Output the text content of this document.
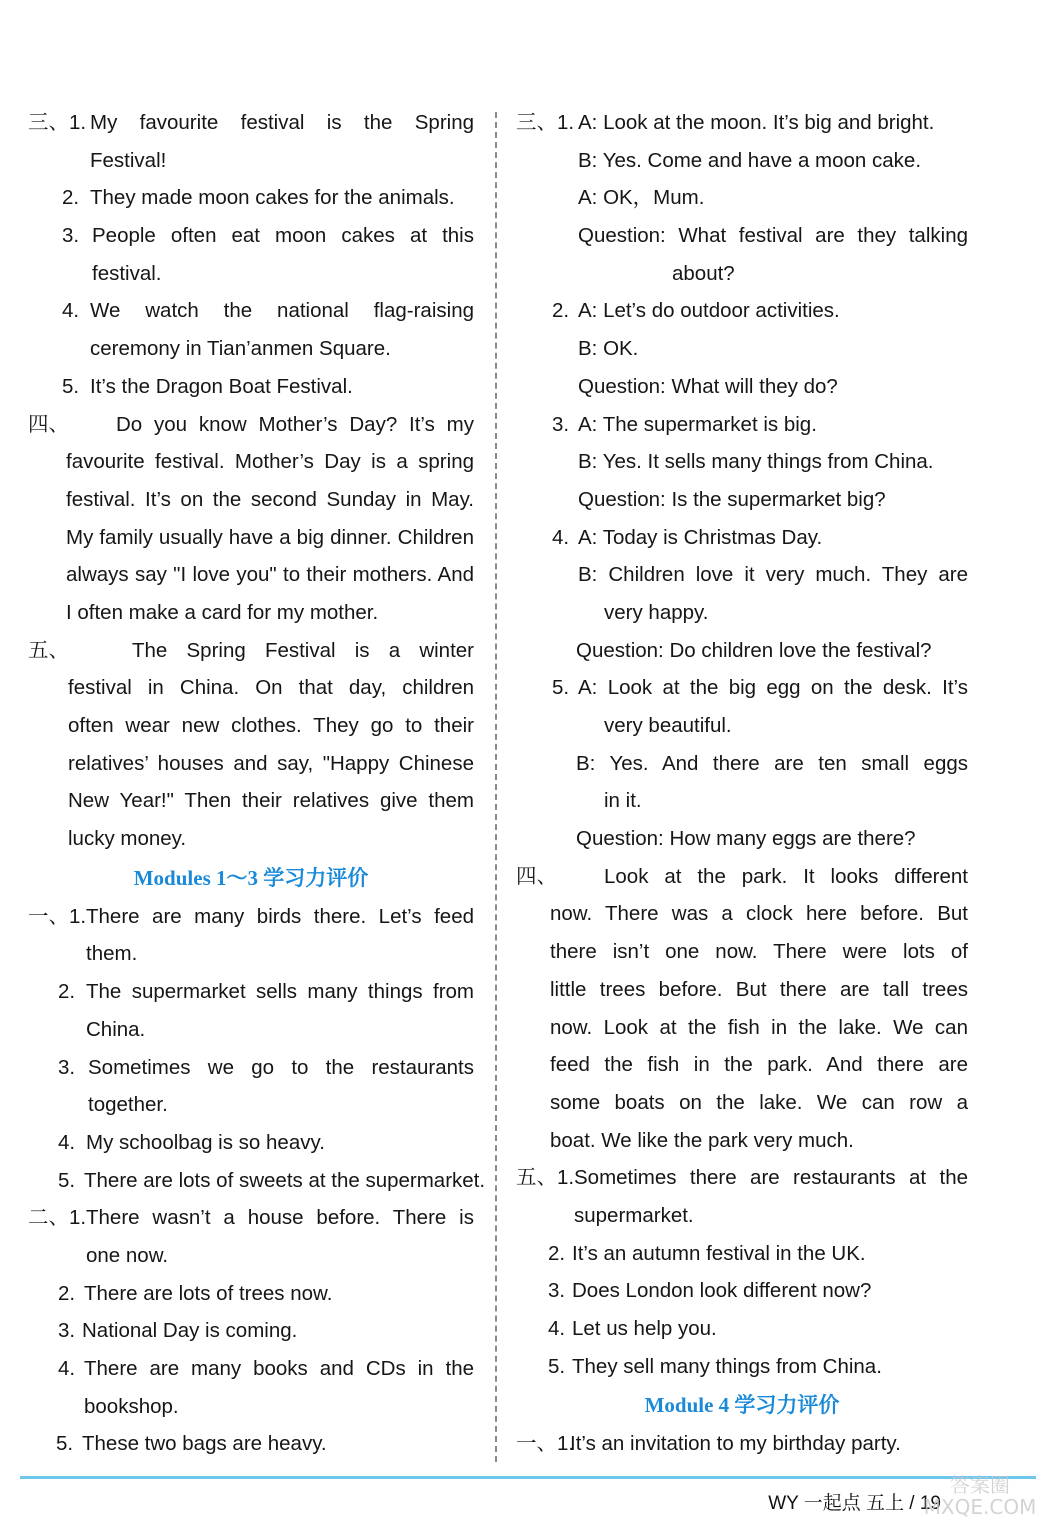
三、1. My favourite festival is the Spring
Festival!
2. They made moon cakes for the animals.
3. People often eat moon cakes at this
festival.
4. We watch the national flag-raising
ceremony in Tian’anmen Square.
5. It’s the Dragon Boat Festival.
四、 Do you know Mother’s Day? It’s my
favourite festival. Mother’s Day is a spring
festival. It’s on the second Sunday in May.
My family usually have a big dinner. Children
always say "I love you" to their mothers. And
I often make a card for my mother.
五、	The Spring Festival is a winter
festival in China. On that day, children
often wear new clothes. They go to their
relatives’ houses and say, "Happy Chinese
New Year!" Then their relatives give them
lucky money.
Modules 1～3 学习力评价
一、1. There are many birds there. Let’s feed
them.
2. The supermarket sells many things from
China.
3. Sometimes we go to the restaurants
together.
4. My schoolbag is so heavy.
5. There are lots of sweets at the supermarket.
二、1. There wasn’t a house before. There is
one now.
2. There are lots of trees now.
3. National Day is coming.
4. There are many books and CDs in the
bookshop.
5. These two bags are heavy.
三、1. A: Look at the moon. It’s big and bright.
B: Yes. Come and have a moon cake.
A: OK，Mum.
Question: What festival are they talking
about?
2. A: Let’s do outdoor activities.
B: OK.
Question: What will they do?
3. A: The supermarket is big.
B: Yes. It sells many things from China.
Question: Is the supermarket big?
4. A: Today is Christmas Day.
B: Children love it very much. They are
very happy.
Question: Do children love the festival?
5. A: Look at the big egg on the desk. It’s
very beautiful.
B: Yes. And there are ten small eggs
in it.
Question: How many eggs are there?
四、 Look at the park. It looks different
now. There was a clock here before. But
there isn’t one now. There were lots of
little trees before. But there are tall trees
now. Look at the fish in the lake. We can
feed the fish in the park. And there are
some boats on the lake. We can row a
boat. We like the park very much.
五、1. Sometimes there are restaurants at the
supermarket.
2. It’s an autumn festival in the UK.
3. Does London look different now?
4. Let us help you.
5. They sell many things from China.
Module 4 学习力评价
一、1.
It’s an invitation to my birthday party.
WY 一起点 五上 / 19
答案圈
MXQE.COM
